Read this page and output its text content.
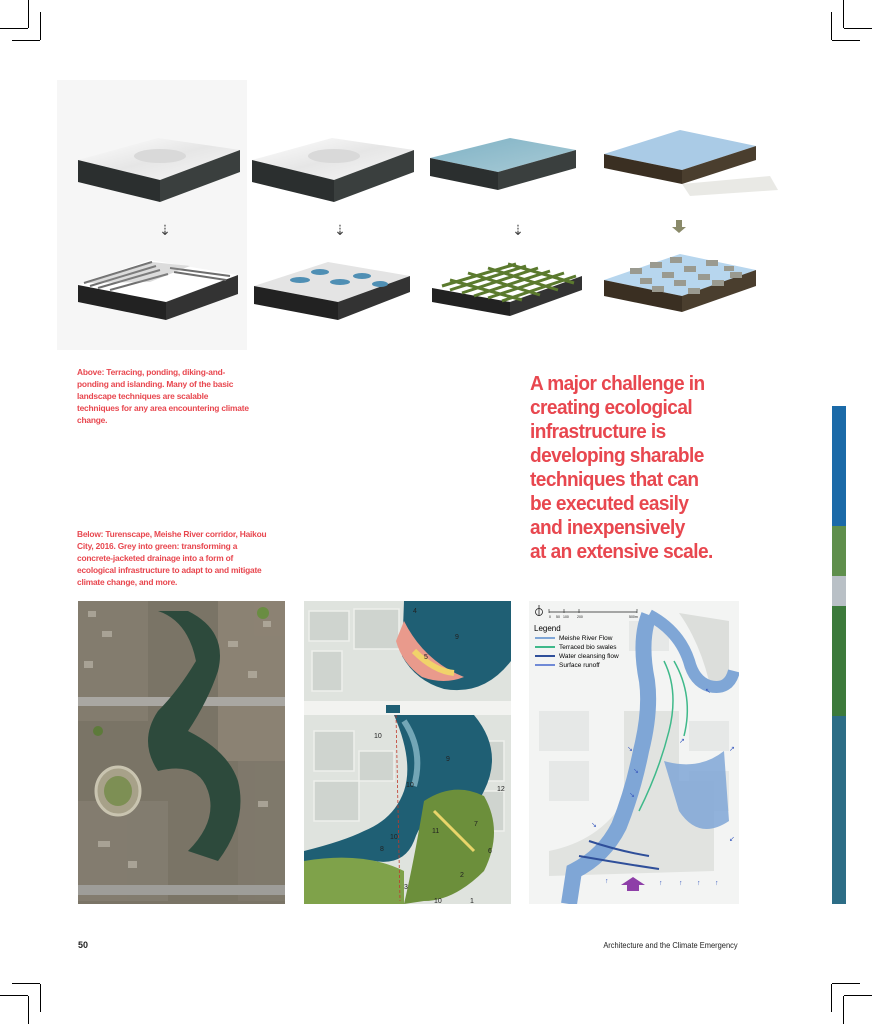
⇣	⇣	⇣
Above: Terracing, ponding, diking-and-ponding and islanding. Many of the basic landscape techniques are scalable techniques for any area encountering climate change.
Below: Turenscape, Meishe River corridor, Haikou City, 2016. Grey into green: transforming a concrete-jacketed drainage into a form of ecological infrastructure to adapt to and mitigate climate change, and more.
A major challenge in
creating ecological
infrastructure is
developing sharable
techniques that can
be executed easily
and inexpensively
at an extensive scale.
4
5
9
10
9
10
12
11
10
8
7
3
2
10	1
6
↗
↘
↘
↖
↗
↘
↘
↙
↑	↑ ↑ ↑ ↑
0 50 100 200	500m
Legend
Meishe River Flow
Terraced bio swales
Water cleansing flow
Surface runoff
50	Architecture and the Climate Emergency
